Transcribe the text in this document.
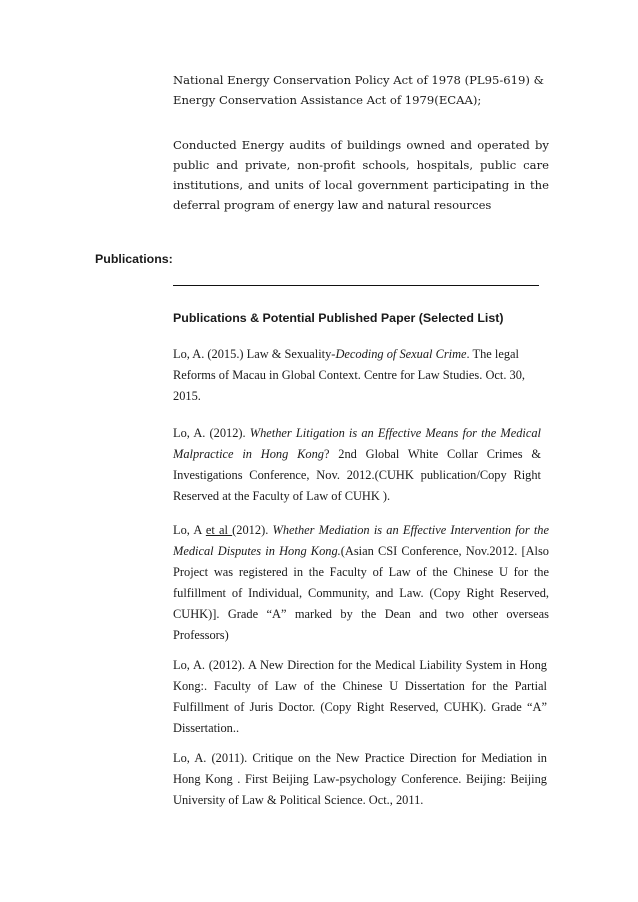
National Energy Conservation Policy Act of 1978 (PL95-619) &
Energy Conservation Assistance Act of 1979(ECAA);
Conducted Energy audits of buildings owned and operated by public and private, non-profit schools, hospitals, public care institutions, and units of local government participating in the deferral program of energy law and natural resources
Publications:
Publications & Potential Published Paper (Selected List)
Lo, A. (2015.) Law & Sexuality-Decoding of Sexual Crime. The legal Reforms of Macau in Global Context. Centre for Law Studies. Oct. 30, 2015.
Lo, A. (2012). Whether Litigation is an Effective Means for the Medical Malpractice in Hong Kong? 2nd Global White Collar Crimes & Investigations Conference, Nov. 2012.(CUHK publication/Copy Right Reserved at the Faculty of Law of CUHK ).
Lo, A et al (2012). Whether Mediation is an Effective Intervention for the Medical Disputes in Hong Kong.(Asian CSI Conference, Nov.2012. [Also Project was registered in the Faculty of Law of the Chinese U for the fulfillment of Individual, Community, and Law. (Copy Right Reserved, CUHK)]. Grade “A” marked by the Dean and two other overseas Professors)
Lo, A. (2012). A New Direction for the Medical Liability System in Hong Kong:. Faculty of Law of the Chinese U Dissertation for the Partial Fulfillment of Juris Doctor. (Copy Right Reserved, CUHK). Grade “A” Dissertation..
Lo, A. (2011). Critique on the New Practice Direction for Mediation in Hong Kong . First Beijing Law-psychology Conference. Beijing: Beijing University of Law & Political Science. Oct., 2011.
